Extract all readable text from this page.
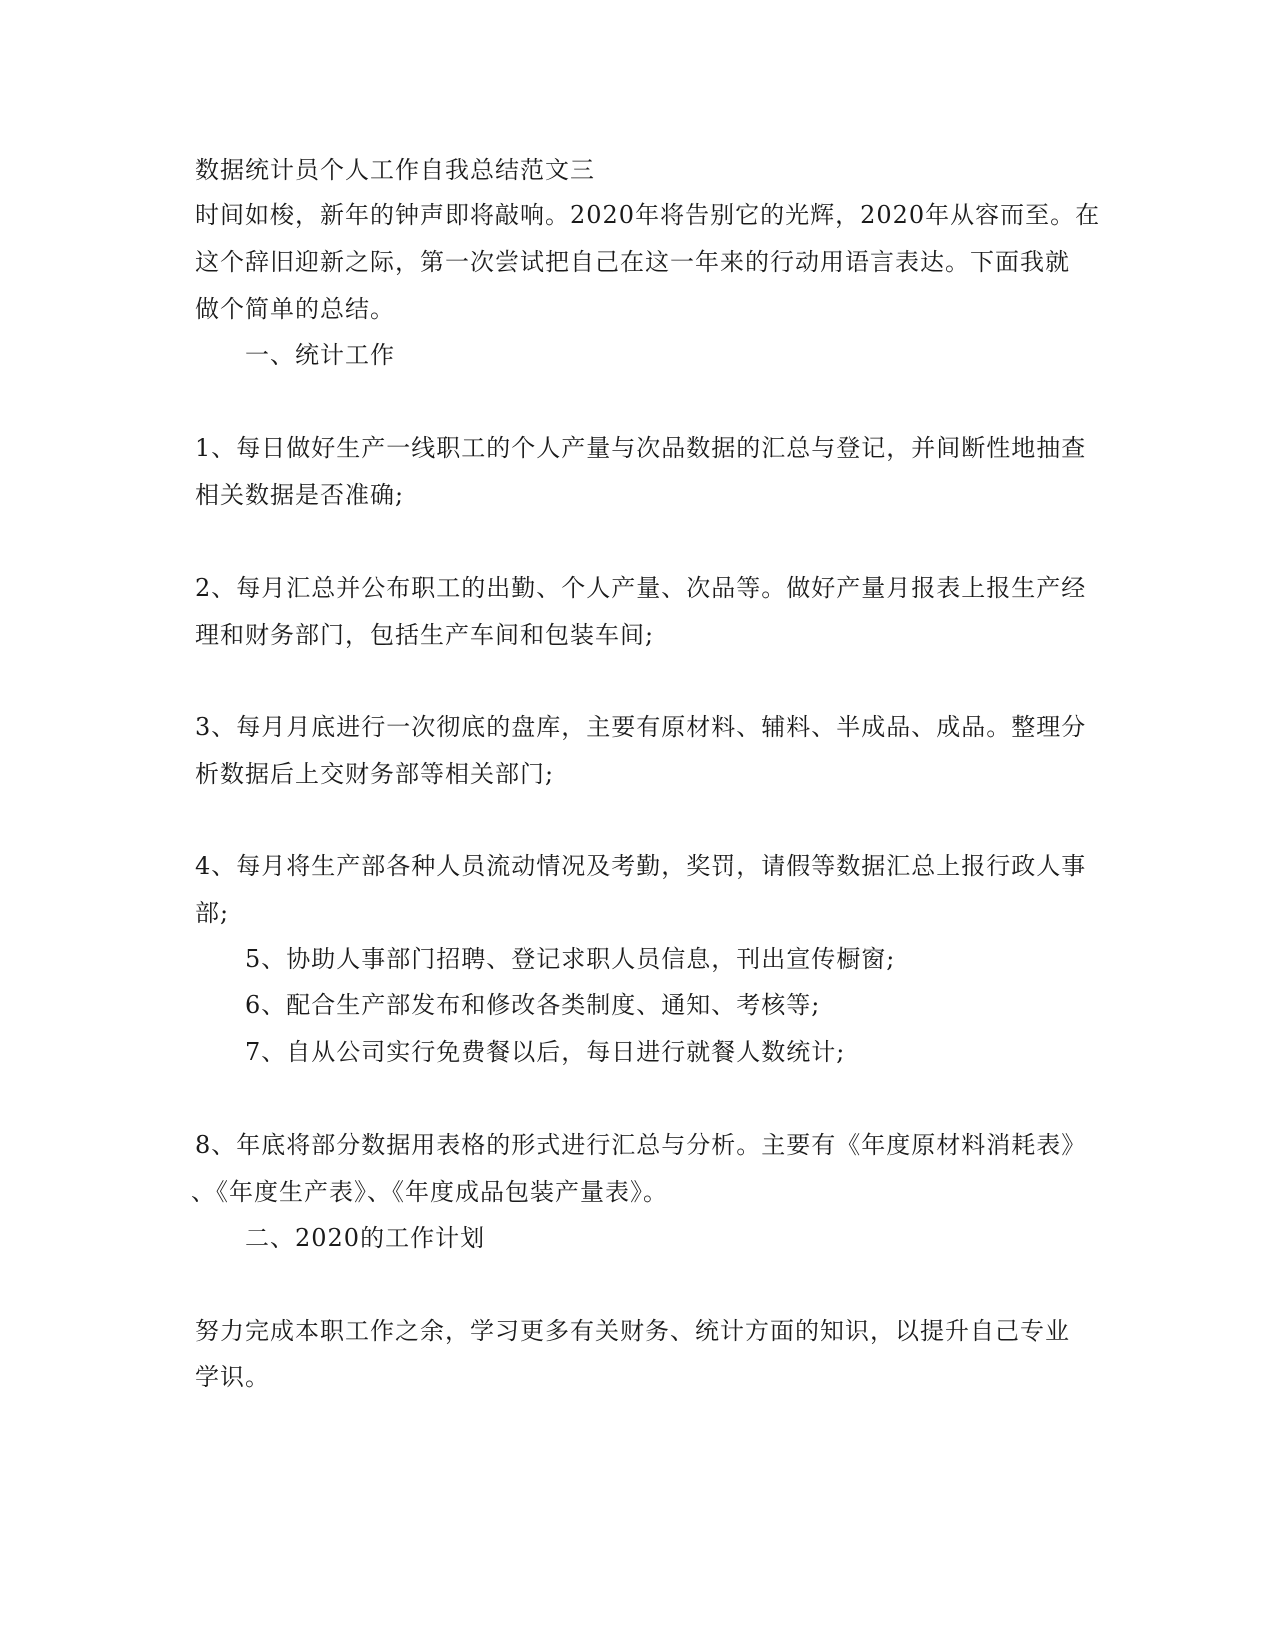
数据统计员个人工作自我总结范文三
时间如梭，新年的钟声即将敲响。2020年将告别它的光辉，2020年从容而至。在
这个辞旧迎新之际，第一次尝试把自己在这一年来的行动用语言表达。下面我就
做个简单的总结。
一、统计工作
1、每日做好生产一线职工的个人产量与次品数据的汇总与登记，并间断性地抽查
相关数据是否准确;
2、每月汇总并公布职工的出勤、个人产量、次品等。做好产量月报表上报生产经
理和财务部门，包括生产车间和包装车间;
3、每月月底进行一次彻底的盘库，主要有原材料、辅料、半成品、成品。整理分
析数据后上交财务部等相关部门;
4、每月将生产部各种人员流动情况及考勤，奖罚，请假等数据汇总上报行政人事
部;
5、协助人事部门招聘、登记求职人员信息，刊出宣传橱窗;
6、配合生产部发布和修改各类制度、通知、考核等;
7、自从公司实行免费餐以后，每日进行就餐人数统计;
8、年底将部分数据用表格的形式进行汇总与分析。主要有《年度原材料消耗表》
、《年度生产表》、《年度成品包装产量表》。
二、2020的工作计划
努力完成本职工作之余，学习更多有关财务、统计方面的知识，以提升自己专业
学识。
